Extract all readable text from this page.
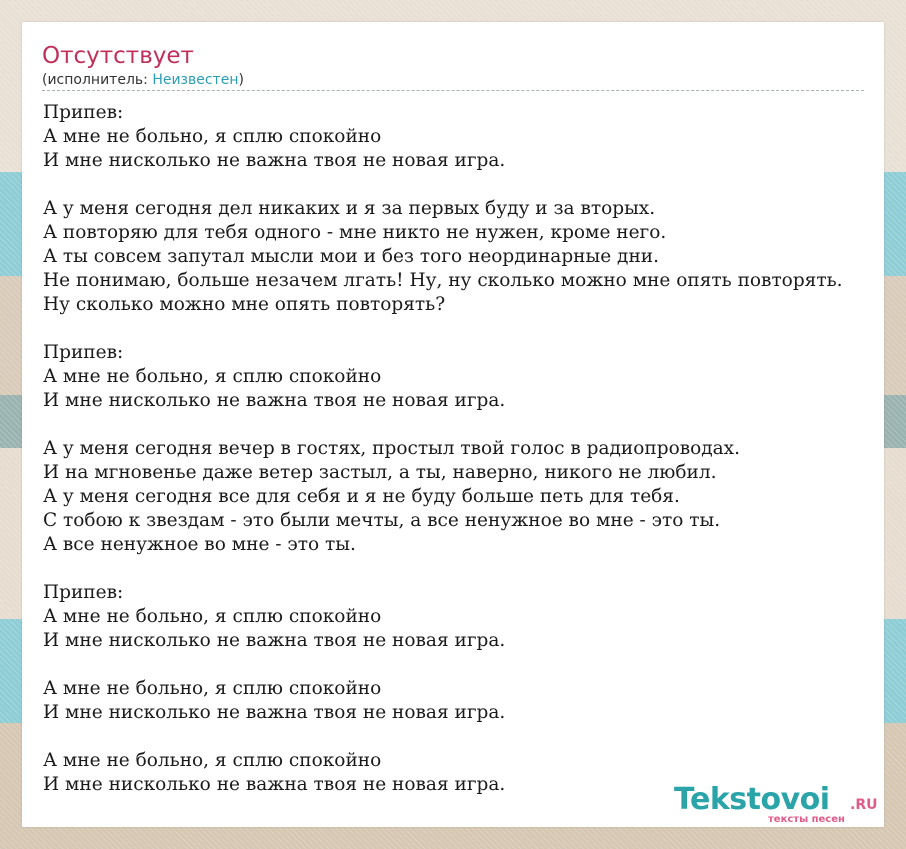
Отсутствует
(исполнитель: Неизвестен)
Припев:
А мне не больно, я сплю спокойно
И мне нисколько не важна твоя не новая игра.
А у меня сегодня дел никаких и я за первых буду и за вторых.
А повторяю для тебя одного - мне никто не нужен, кроме него.
А ты совсем запутал мысли мои и без того неординарные дни.
Не понимаю, больше незачем лгать! Ну, ну сколько можно мне опять повторять.
Ну сколько можно мне опять повторять?
Припев:
А мне не больно, я сплю спокойно
И мне нисколько не важна твоя не новая игра.
А у меня сегодня вечер в гостях, простыл твой голос в радиопроводах.
И на мгновенье даже ветер застыл, а ты, наверно, никого не любил.
А у меня сегодня все для себя и я не буду больше петь для тебя.
С тобою к звездам - это были мечты, а все ненужное во мне - это ты.
А все ненужное во мне - это ты.
Припев:
А мне не больно, я сплю спокойно
И мне нисколько не важна твоя не новая игра.
А мне не больно, я сплю спокойно
И мне нисколько не важна твоя не новая игра.
А мне не больно, я сплю спокойно
И мне нисколько не важна твоя не новая игра.	Tekstovoi .RU
тексты песен
